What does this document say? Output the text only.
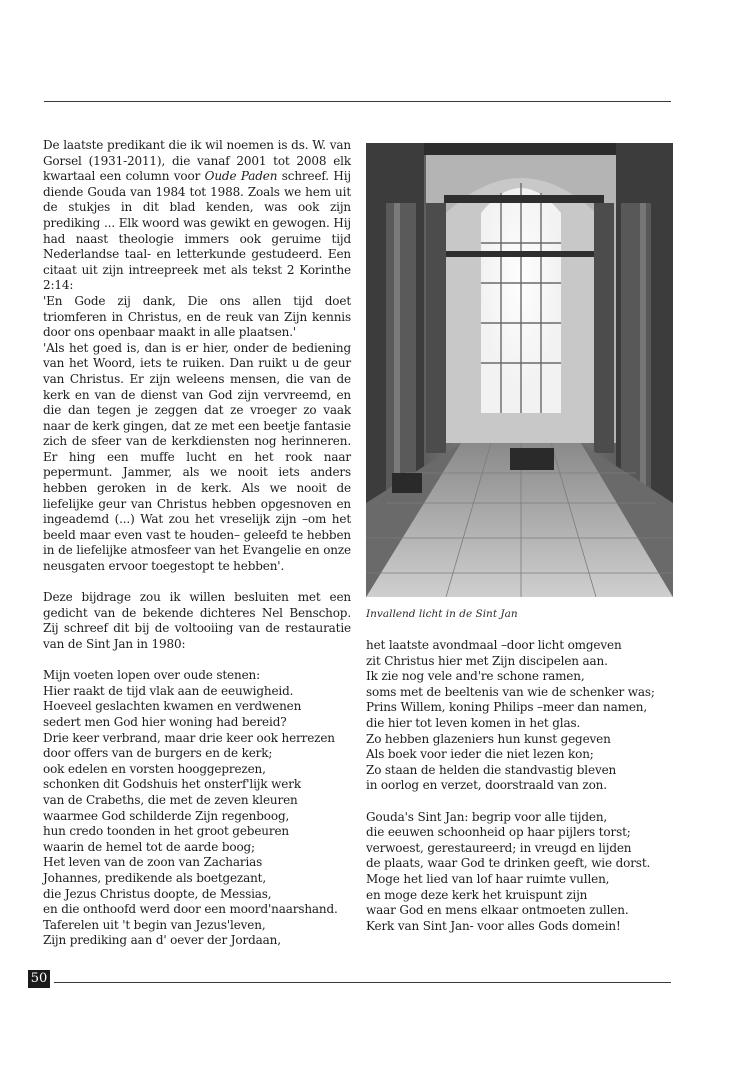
De laatste predikant die ik wil noemen is ds. W. van Gorsel (1931-2011), die vanaf 2001 tot 2008 elk kwartaal een column voor Oude Paden schreef. Hij diende Gouda van 1984 tot 1988. Zoals we hem uit de stukjes in dit blad kenden, was ook zijn prediking ... Elk woord was gewikt en gewogen. Hij had naast theologie immers ook geruime tijd Nederlandse taal- en letterkunde gestudeerd. Een citaat uit zijn intreepreek met als tekst 2 Korinthe 2:14:

'En Gode zij dank, Die ons allen tijd doet triomferen in Christus, en de reuk van Zijn kennis door ons openbaar maakt in alle plaatsen.'

'Als het goed is, dan is er hier, onder de bediening van het Woord, iets te ruiken. Dan ruikt u de geur van Christus. Er zijn weleens mensen, die van de kerk en van de dienst van God zijn vervreemd, en die dan tegen je zeggen dat ze vroeger zo vaak naar de kerk gingen, dat ze met een beetje fantasie zich de sfeer van de kerkdiensten nog herinneren. Er hing een muffe lucht en het rook naar pepermunt. Jammer, als we nooit iets anders hebben geroken in de kerk. Als we nooit de liefelijke geur van Christus hebben opgesnoven en ingeademd (...) Wat zou het vreselijk zijn –om het beeld maar even vast te houden– geleefd te hebben in de liefelijke atmosfeer van het Evangelie en onze neusgaten ervoor toegestopt te hebben'.

Deze bijdrage zou ik willen besluiten met een gedicht van de bekende dichteres Nel Benschop. Zij schreef dit bij de voltooiing van de restauratie van de Sint Jan in 1980:

Mijn voeten lopen over oude stenen:
Hier raakt de tijd vlak aan de eeuwigheid.
Hoeveel geslachten kwamen en verdwenen
sedert men God hier woning had bereid?
Drie keer verbrand, maar drie keer ook herrezen
door offers van de burgers en de kerk;
ook edelen en vorsten hooggeprezen,
schonken dit Godshuis het onsterf'lijk werk
van de Crabeths, die met de zeven kleuren
waarmee God schilderde Zijn regenboog,
hun credo toonden in het groot gebeuren
waarin de hemel tot de aarde boog;
Het leven van de zoon van Zacharias
Johannes, predikende als boetgezant,
die Jezus Christus doopte, de Messias,
en die onthoofd werd door een moord'naarshand.
Taferelen uit 't begin van Jezus'leven,
Zijn prediking aan d' oever der Jordaan,
Invallend licht in de Sint Jan
het laatste avondmaal –door licht omgeven
zit Christus hier met Zijn discipelen aan.
Ik zie nog vele and're schone ramen,
soms met de beeltenis van wie de schenker was;
Prins Willem, koning Philips –meer dan namen,
die hier tot leven komen in het glas.
Zo hebben glazeniers hun kunst gegeven
Als boek voor ieder die niet lezen kon;
Zo staan de helden die standvastig bleven
in oorlog en verzet, doorstraald van zon.
Gouda's Sint Jan: begrip voor alle tijden,
die eeuwen schoonheid op haar pijlers torst;
verwoest, gerestaureerd; in vreugd en lijden
de plaats, waar God te drinken geeft, wie dorst.
Moge het lied van lof haar ruimte vullen,
en moge deze kerk het kruispunt zijn
waar God en mens elkaar ontmoeten zullen.
Kerk van Sint Jan- voor alles Gods domein!
50
